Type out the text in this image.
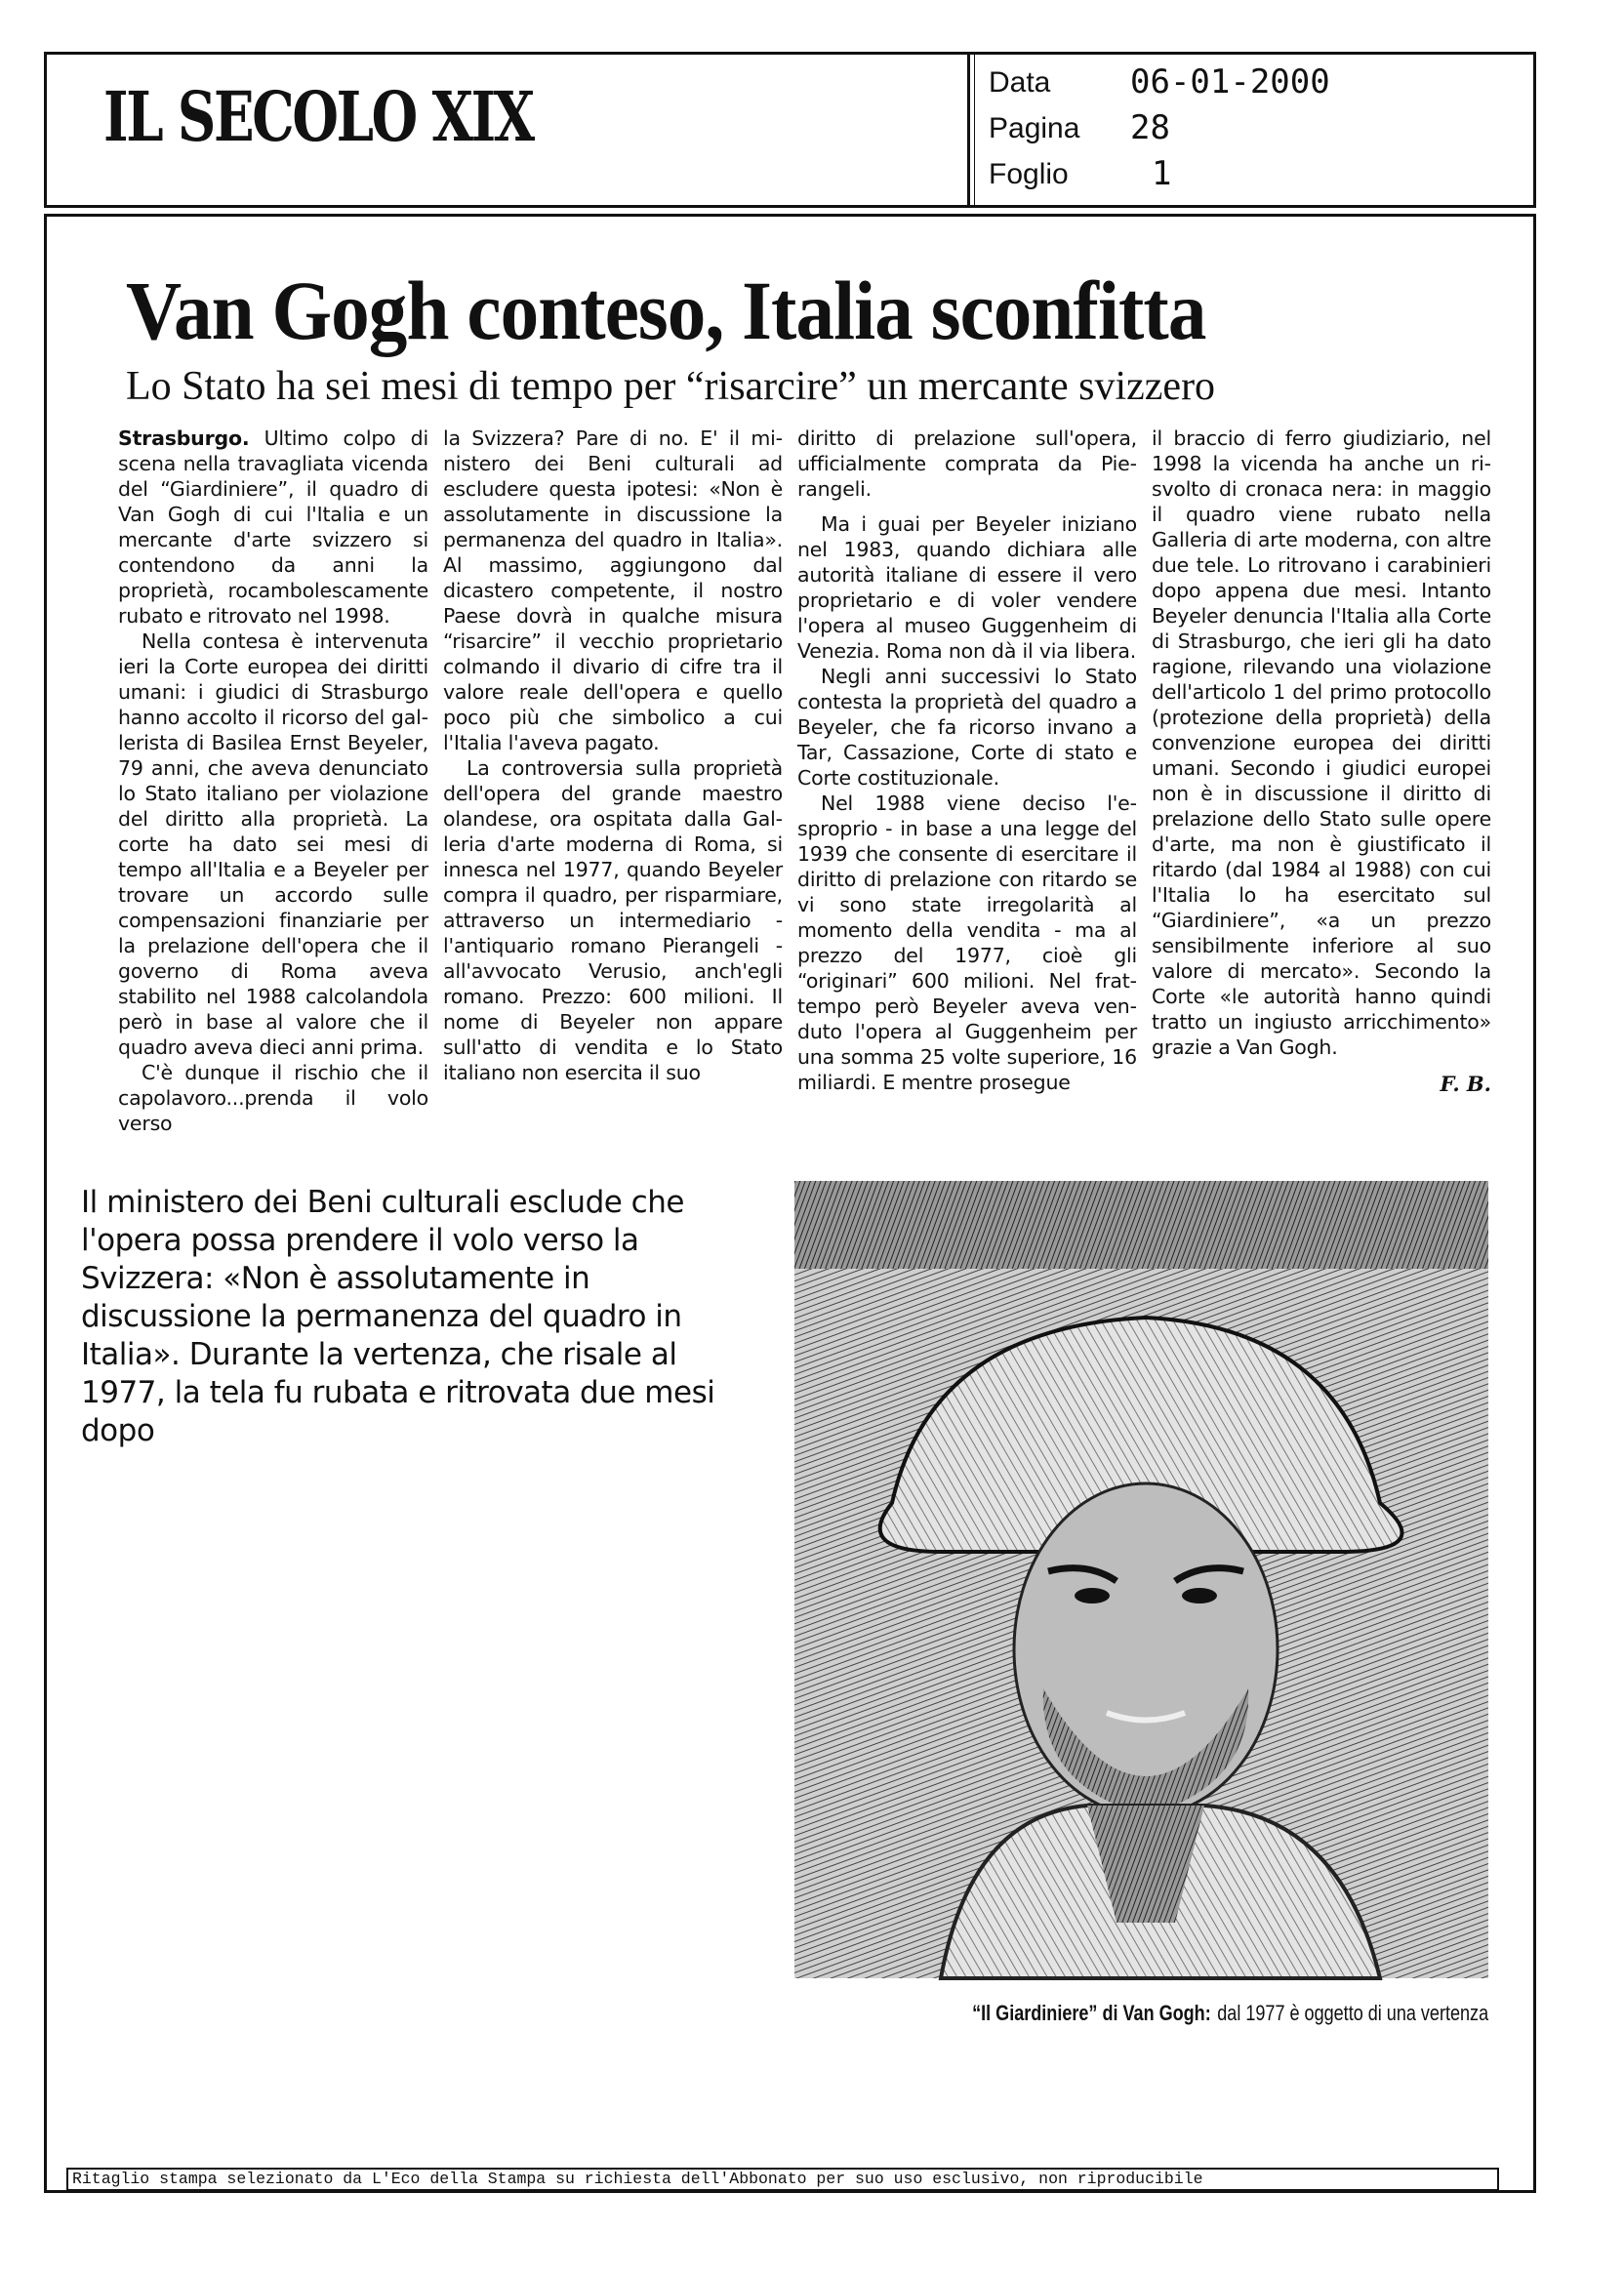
IL SECOLO XIX	Data 06-01-2000
Pagina 28
Foglio	1
Van Gogh conteso, Italia sconfitta
Lo Stato ha sei mesi di tempo per “risarcire” un mercante svizzero

Strasburgo. Ultimo colpo di scena nella travagliata vicenda del “Giardiniere”, il quadro di Van Gogh di cui l'Italia e un mercante d'arte svizzero si contendono da anni la proprietà, rocambolescamente rubato e ritrovato nel 1998.

Nella contesa è intervenuta ieri la Corte europea dei diritti umani: i giudici di Strasburgo hanno accolto il ricorso del gallerista di Basilea Ernst Beyeler, 79 anni, che aveva denunciato lo Stato italiano per violazione del diritto alla proprietà. La corte ha dato sei mesi di tempo all'Italia e a Beyeler per trovare un accordo sulle compensazioni finanziarie per la prelazione dell'opera che il governo di Roma aveva stabilito nel 1988 calcolandola però in base al valore che il quadro aveva dieci anni prima.

C'è dunque il rischio che il capolavoro...prenda il volo verso

la Svizzera? Pare di no. E' il ministero dei Beni culturali ad escludere questa ipotesi: «Non è assolutamente in discussione la permanenza del quadro in Italia». Al massimo, aggiungono dal dicastero competente, il nostro Paese dovrà in qualche misura “risarcire” il vecchio proprietario colmando il divario di cifre tra il valore reale dell'opera e quello poco più che simbolico a cui l'Italia l'aveva pagato.

La controversia sulla proprietà dell'opera del grande maestro olandese, ora ospitata dalla Galleria d'arte moderna di Roma, si innesca nel 1977, quando Beyeler compra il quadro, per risparmiare, attraverso un intermediario - l'antiquario romano Pierangeli - all'avvocato Verusio, anch'egli romano. Prezzo: 600 milioni. Il nome di Beyeler non appare sull'atto di vendita e lo Stato italiano non esercita il suo

diritto di prelazione sull'opera, ufficialmente comprata da Pierangeli.

Ma i guai per Beyeler iniziano nel 1983, quando dichiara alle autorità italiane di essere il vero proprietario e di voler vendere l'opera al museo Guggenheim di Venezia. Roma non dà il via libera.

Negli anni successivi lo Stato contesta la proprietà del quadro a Beyeler, che fa ricorso invano a Tar, Cassazione, Corte di stato e Corte costituzionale.

Nel 1988 viene deciso l'esproprio - in base a una legge del 1939 che consente di esercitare il diritto di prelazione con ritardo se vi sono state irregolarità al momento della vendita - ma al prezzo del 1977, cioè gli “originari” 600 milioni. Nel frattempo però Beyeler aveva venduto l'opera al Guggenheim per una somma 25 volte superiore, 16 miliardi. E mentre prosegue

il braccio di ferro giudiziario, nel 1998 la vicenda ha anche un risvolto di cronaca nera: in maggio il quadro viene rubato nella Galleria di arte moderna, con altre due tele. Lo ritrovano i carabinieri dopo appena due mesi. Intanto Beyeler denuncia l'Italia alla Corte di Strasburgo, che ieri gli ha dato ragione, rilevando una violazione dell'articolo 1 del primo protocollo (protezione della proprietà) della convenzione europea dei diritti umani. Secondo i giudici europei non è in discussione il diritto di prelazione dello Stato sulle opere d'arte, ma non è giustificato il ritardo (dal 1984 al 1988) con cui l'Italia lo ha esercitato sul “Giardiniere”, «a un prezzo sensibilmente inferiore al suo valore di mercato». Secondo la Corte «le autorità hanno quindi tratto un ingiusto arricchimento» grazie a Van Gogh.

F. B.
Il ministero dei Beni culturali esclude che l'opera possa prendere il volo verso la Svizzera: «Non è assolutamente in discussione la permanenza del quadro in Italia». Durante la vertenza, che risale al 1977, la tela fu rubata e ritrovata due mesi dopo
“Il Giardiniere” di Van Gogh: dal 1977 è oggetto di una vertenza
Ritaglio stampa selezionato da L'Eco della Stampa su richiesta dell'Abbonato per suo uso esclusivo, non riproducibile
